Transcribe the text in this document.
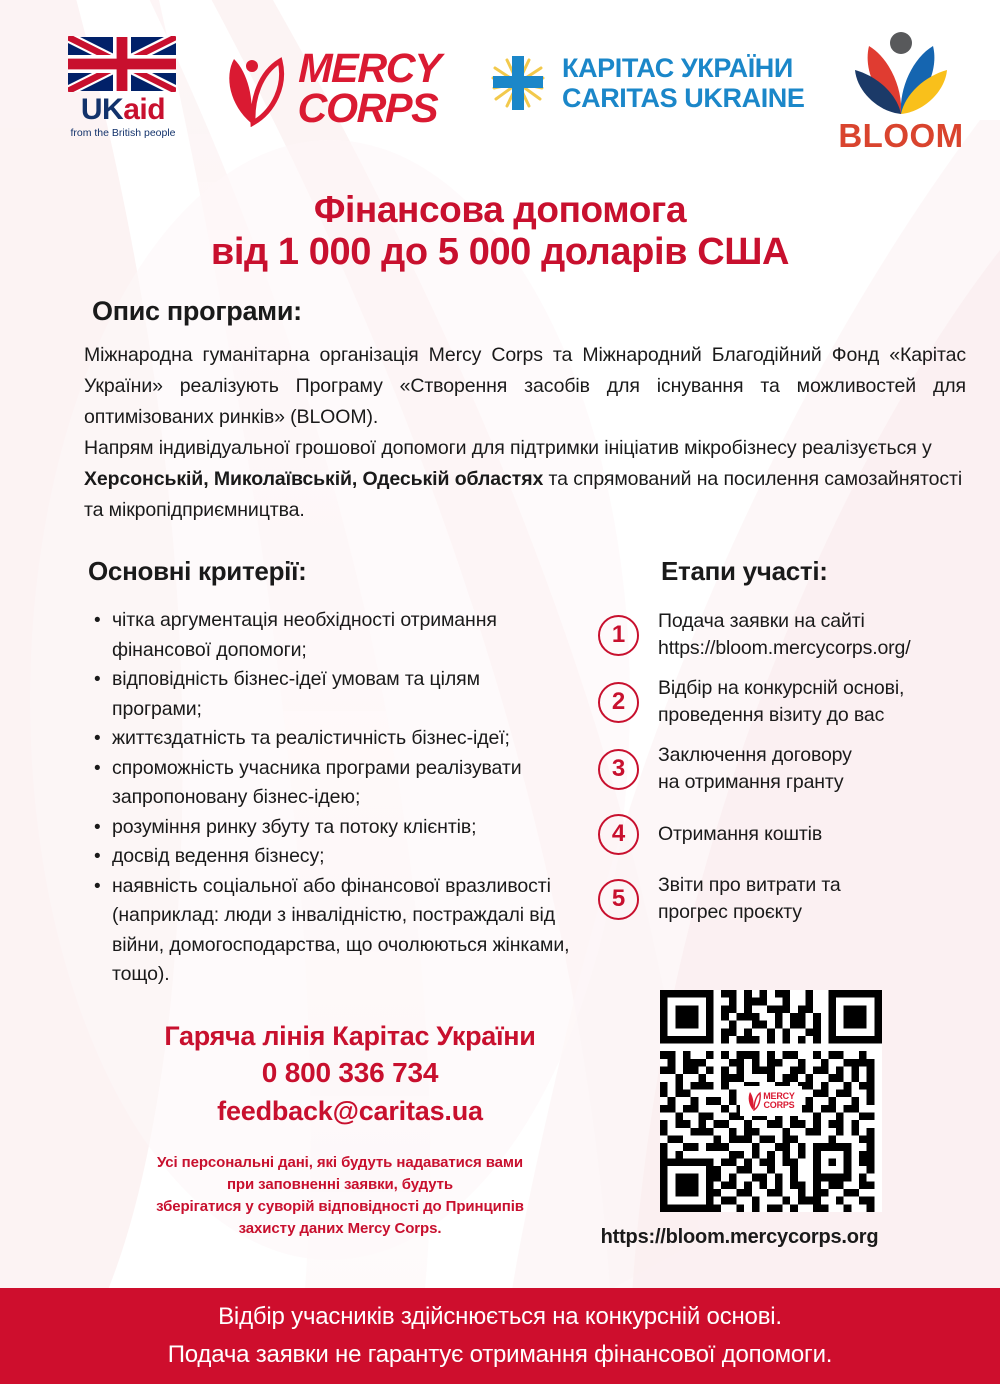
UKaid
from the British people
MERCY
CORPS
КАРІТАС УКРАЇНИ
CARITAS UKRAINE
BLOOM
Фінансова допомога
від 1 000 до 5 000 доларів США
Опис програми:

Міжнародна гуманітарна організація Mercy Corps та Міжнародний Благодійний Фонд «Карітас України» реалізують Програму «Створення засобів для існування та можливостей для оптимізованих ринків» (BLOOM).

Напрям індивідуальної грошової допомоги для підтримки ініціатив мікробізнесу реалізується у Херсонській, Миколаївській, Одеській областях та спрямований на посилення самозайнятості та мікропідприємництва.

Основні критерії:
• чітка аргументація необхідності отримання фінансової допомоги;
• відповідність бізнес-ідеї умовам та цілям програми;
• життєздатність та реалістичність бізнес-ідеї;
• спроможність учасника програми реалізувати запропоновану бізнес-ідею;
• розуміння ринку збуту та потоку клієнтів;
• досвід ведення бізнесу;
• наявність соціальної або фінансової вразливості (наприклад: люди з інвалідністю, постраждалі від війни, домогосподарства, що очолюються жінками, тощо).
Етапи участі:
1	Подача заявки на сайті
https://bloom.mercycorps.org/
2	Відбір на конкурсній основі,
проведення візиту до вас
3	Заключення договору
на отримання гранту
4	Отримання коштів
5	Звіти про витрати та
прогрес проєкту
Гаряча лінія Карітас України
0 800 336 734
feedback@caritas.ua
Усі персональні дані, які будуть надаватися вами
при заповненні заявки, будуть
зберігатися у суворій відповідності до Принципів
захисту даних Mercy Corps.
MERCY
CORPS
https://bloom.mercycorps.org
Відбір учасників здійснюється на конкурсній основі.
Подача заявки не гарантує отримання фінансової допомоги.
